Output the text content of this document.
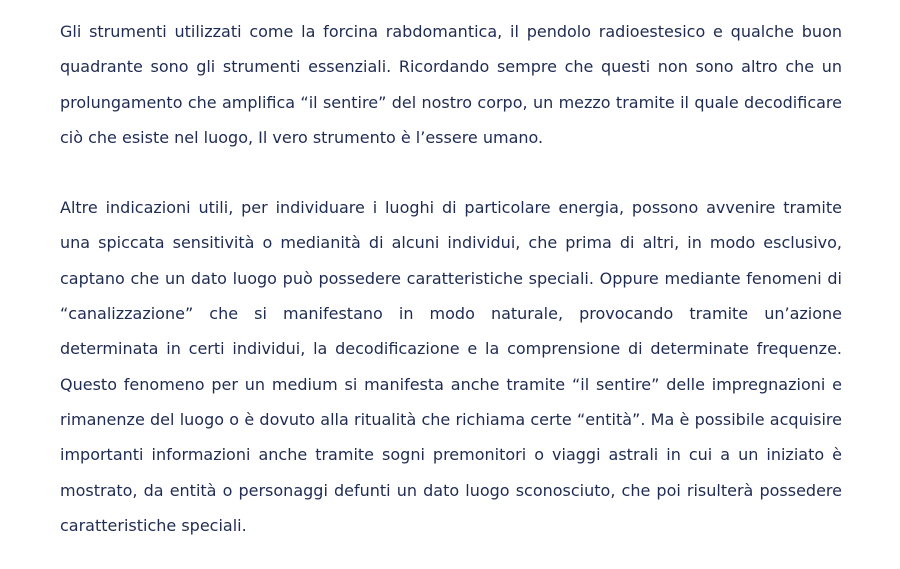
Gli strumenti utilizzati come la forcina rabdomantica, il pendolo radioestesico e qualche buon quadrante sono gli strumenti essenziali. Ricordando sempre che questi non sono altro che un prolungamento che amplifica “il sentire” del nostro corpo, un mezzo tramite il quale decodificare ciò che esiste nel luogo, Il vero strumento è l’essere umano.

Altre indicazioni utili, per individuare i luoghi di particolare energia, possono avvenire tramite una spiccata sensitività o medianità di alcuni individui, che prima di altri, in modo esclusivo, captano che un dato luogo può possedere caratteristiche speciali. Oppure mediante fenomeni di “canalizzazione” che si manifestano in modo naturale, provocando tramite un’azione determinata in certi individui, la decodificazione e la comprensione di determinate frequenze. Questo fenomeno per un medium si manifesta anche tramite “il sentire” delle impregnazioni e rimanenze del luogo o è dovuto alla ritualità che richiama certe “entità”. Ma è possibile acquisire importanti informazioni anche tramite sogni premonitori o viaggi astrali in cui a un iniziato è mostrato, da entità o personaggi defunti un dato luogo sconosciuto, che poi risulterà possedere caratteristiche speciali.
